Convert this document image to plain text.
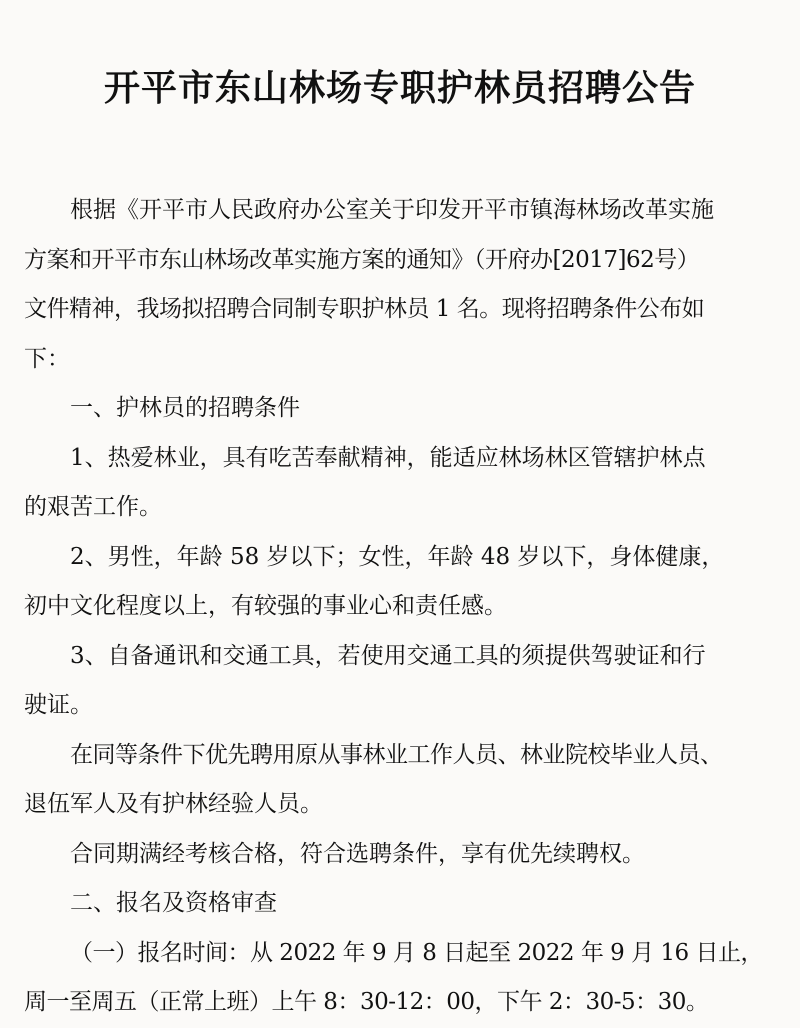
开平市东山林场专职护林员招聘公告
根据《开平市人民政府办公室关于印发开平市镇海林场改革实施
方案和开平市东山林场改革实施方案的通知》（开府办[2017]62号）
文件精神，我场拟招聘合同制专职护林员 1 名。现将招聘条件公布如
下：
一、护林员的招聘条件
1、热爱林业，具有吃苦奉献精神，能适应林场林区管辖护林点
的艰苦工作。
2、男性，年龄 58 岁以下；女性，年龄 48 岁以下，身体健康，
初中文化程度以上，有较强的事业心和责任感。
3、自备通讯和交通工具，若使用交通工具的须提供驾驶证和行
驶证。
在同等条件下优先聘用原从事林业工作人员、林业院校毕业人员、
退伍军人及有护林经验人员。
合同期满经考核合格，符合选聘条件，享有优先续聘权。
二、报名及资格审查
（一）报名时间：从 2022 年 9 月 8 日起至 2022 年 9 月 16 日止，
周一至周五（正常上班）上午 8：30-12：00，下午 2：30-5：30。
